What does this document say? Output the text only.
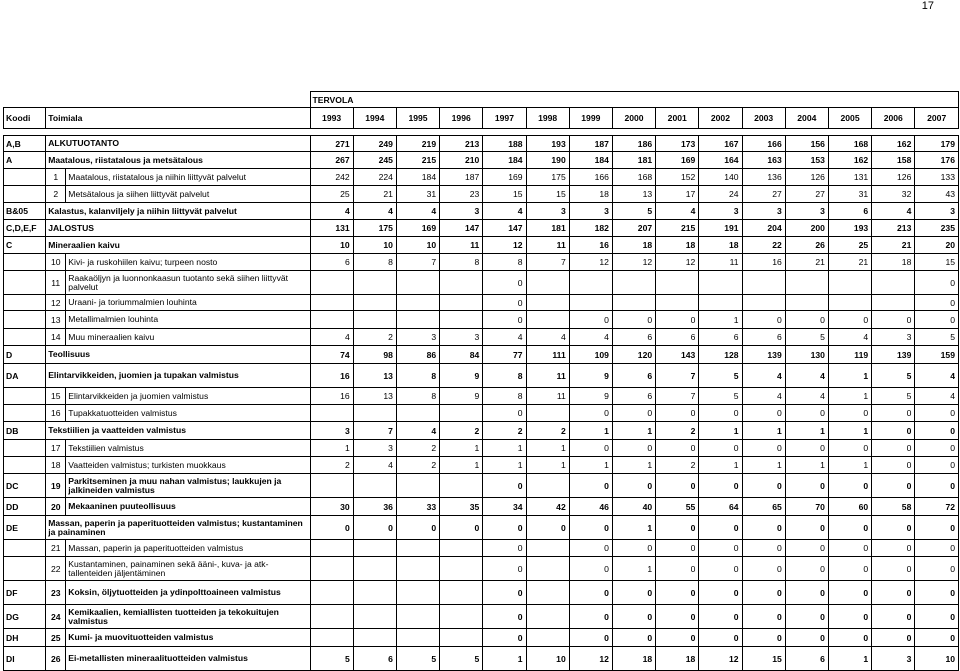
17
			TERVOLA														
Koodi	Toimiala		1993	1994	1995	1996	1997	1998	1999	2000	2001	2002	2003	2004	2005	2006	2007

A,B	ALKUTUOTANTO		271	249	219	213	188	193	187	186	173	167	166	156	168	162	179
A	Maatalous, riistatalous ja metsätalous		267	245	215	210	184	190	184	181	169	164	163	153	162	158	176
	1	Maatalous, riistatalous ja niihin liittyvät palvelut	242	224	184	187	169	175	166	168	152	140	136	126	131	126	133
	2	Metsätalous ja siihen liittyvät palvelut	25	21	31	23	15	15	18	13	17	24	27	27	31	32	43
B&05	Kalastus, kalanviljely ja niihin liittyvät palvelut		4	4	4	3	4	3	3	5	4	3	3	3	6	4	3
C,D,E,F	JALOSTUS		131	175	169	147	147	181	182	207	215	191	204	200	193	213	235
C	Mineraalien kaivu		10	10	10	11	12	11	16	18	18	18	22	26	25	21	20
	10	Kivi- ja ruskohiilen kaivu; turpeen nosto	6	8	7	8	8	7	12	12	12	11	16	21	21	18	15
	11	Raakaöljyn ja luonnonkaasun tuotanto sekä siihen liittyvät palvelut					0										0
	12	Uraani- ja toriummalmien louhinta					0										0
	13	Metallimalmien louhinta					0		0	0	0	1	0	0	0	0	0
	14	Muu mineraalien kaivu	4	2	3	3	4	4	4	6	6	6	6	5	4	3	5
D	Teollisuus		74	98	86	84	77	111	109	120	143	128	139	130	119	139	159
DA	Elintarvikkeiden, juomien ja tupakan valmistus		16	13	8	9	8	11	9	6	7	5	4	4	1	5	4
	15	Elintarvikkeiden ja juomien valmistus	16	13	8	9	8	11	9	6	7	5	4	4	1	5	4
	16	Tupakkatuotteiden valmistus					0		0	0	0	0	0	0	0	0	0
DB	Tekstiilien ja vaatteiden valmistus		3	7	4	2	2	2	1	1	2	1	1	1	1	0	0
	17	Tekstiilien valmistus	1	3	2	1	1	1	0	0	0	0	0	0	0	0	0
	18	Vaatteiden valmistus; turkisten muokkaus	2	4	2	1	1	1	1	1	2	1	1	1	1	0	0
DC	19	Parkitseminen ja muu nahan valmistus; laukkujen ja jalkineiden valmistus					0		0	0	0	0	0	0	0	0	0
DD	20	Mekaaninen puuteollisuus	30	36	33	35	34	42	46	40	55	64	65	70	60	58	72
DE	Massan, paperin ja paperituotteiden valmistus; kustantaminen ja painaminen		0	0	0	0	0	0	0	1	0	0	0	0	0	0	0
	21	Massan, paperin ja paperituotteiden valmistus					0		0	0	0	0	0	0	0	0	0
	22	Kustantaminen, painaminen sekä ääni-, kuva- ja atk-tallenteiden jäljentäminen					0		0	1	0	0	0	0	0	0	0
DF	23	Koksin, öljytuotteiden ja ydinpolttoaineen valmistus					0		0	0	0	0	0	0	0	0	0
DG	24	Kemikaalien, kemiallisten tuotteiden ja tekokuitujen valmistus					0		0	0	0	0	0	0	0	0	0
DH	25	Kumi- ja muovituotteiden valmistus					0		0	0	0	0	0	0	0	0	0
DI	26	Ei-metallisten mineraalituotteiden valmistus	5	6	5	5	1	10	12	18	18	12	15	6	1	3	10
